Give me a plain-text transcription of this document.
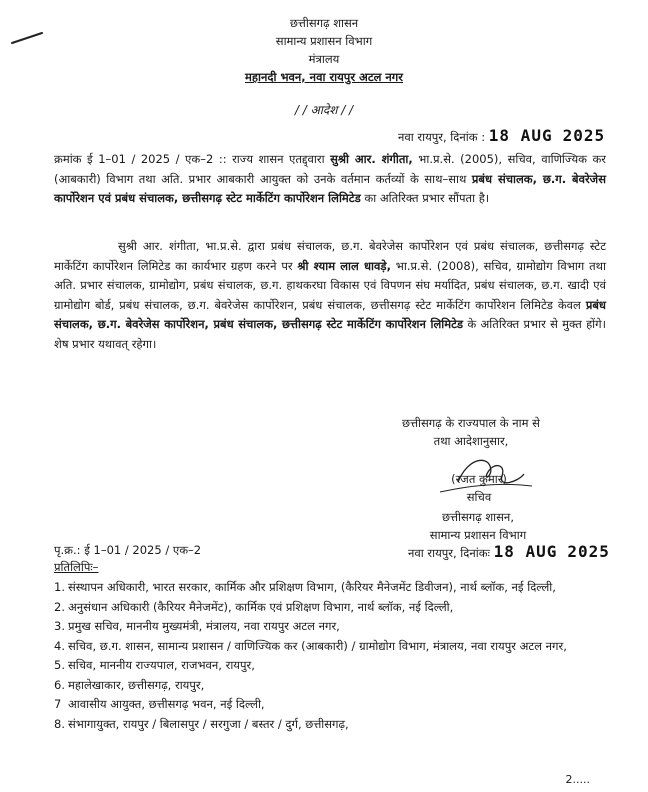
छत्तीसगढ़ शासन
सामान्य प्रशासन विभाग
मंत्रालय
महानदी भवन, नवा रायपुर अटल नगर
/ / आदेश / /
नवा रायपुर, दिनांक : 18 AUG 2025

क्रमांक ई 1–01 / 2025 / एक–2 :: राज्य शासन एतद्द्वारा सुश्री आर. शंगीता, भा.प्र.से. (2005), सचिव, वाणिज्यिक कर (आबकारी) विभाग तथा अति. प्रभार आबकारी आयुक्त को उनके वर्तमान कर्तव्यों के साथ–साथ प्रबंध संचालक, छ.ग. बेवरेजेस कार्पोरेशन एवं प्रबंध संचालक, छत्तीसगढ़ स्टेट मार्केटिंग कार्पोरेशन लिमिटेड का अतिरिक्त प्रभार सौंपता है।

सुश्री आर. शंगीता, भा.प्र.से. द्वारा प्रबंध संचालक, छ.ग. बेवरेजेस कार्पोरेशन एवं प्रबंध संचालक, छत्तीसगढ़ स्टेट मार्केटिंग कार्पोरेशन लिमिटेड का कार्यभार ग्रहण करने पर श्री श्याम लाल धावड़े, भा.प्र.से. (2008), सचिव, ग्रामोद्योग विभाग तथा अति. प्रभार संचालक, ग्रामोद्योग, प्रबंध संचालक, छ.ग. हाथकरघा विकास एवं विपणन संघ मर्यादित, प्रबंध संचालक, छ.ग. खादी एवं ग्रामोद्योग बोर्ड, प्रबंध संचालक, छ.ग. बेवरेजेस कार्पोरेशन, प्रबंध संचालक, छत्तीसगढ़ स्टेट मार्केटिंग कार्पोरेशन लिमिटेड केवल प्रबंध संचालक, छ.ग. बेवरेजेस कार्पोरेशन, प्रबंध संचालक, छत्तीसगढ़ स्टेट मार्केटिंग कार्पोरेशन लिमिटेड के अतिरिक्त प्रभार से मुक्त होंगे।शेष प्रभार यथावत् रहेगा।

छत्तीसगढ़ के राज्यपाल के नाम से
तथा आदेशानुसार,
(रजत कुमार)
सचिव
छत्तीसगढ़ शासन,
सामान्य प्रशासन विभाग
पृ.क्र.: ई 1–01 / 2025 / एक–2	नवा रायपुर, दिनांकः 18 AUG 2025
प्रतिलिपिः–
1. संस्थापन अधिकारी, भारत सरकार, कार्मिक और प्रशिक्षण विभाग, (कैरियर मैनेजमेंट डिवीजन), नार्थ ब्लॉक, नई दिल्ली,
2. अनुसंधान अधिकारी (कैरियर मैनेजमेंट), कार्मिक एवं प्रशिक्षण विभाग, नार्थ ब्लॉक, नई दिल्ली,
3. प्रमुख सचिव, माननीय मुख्यमंत्री, मंत्रालय, नवा रायपुर अटल नगर,
4. सचिव, छ.ग. शासन, सामान्य प्रशासन / वाणिज्यिक कर (आबकारी) / ग्रामोद्योग विभाग, मंत्रालय, नवा रायपुर अटल नगर,
5. सचिव, माननीय राज्यपाल, राजभवन, रायपुर,
6. महालेखाकार, छत्तीसगढ़, रायपुर,
7 आवासीय आयुक्त, छत्तीसगढ़ भवन, नई दिल्ली,
8. संभागायुक्त, रायपुर / बिलासपुर / सरगुजा / बस्तर / दुर्ग, छत्तीसगढ़,
2.....
